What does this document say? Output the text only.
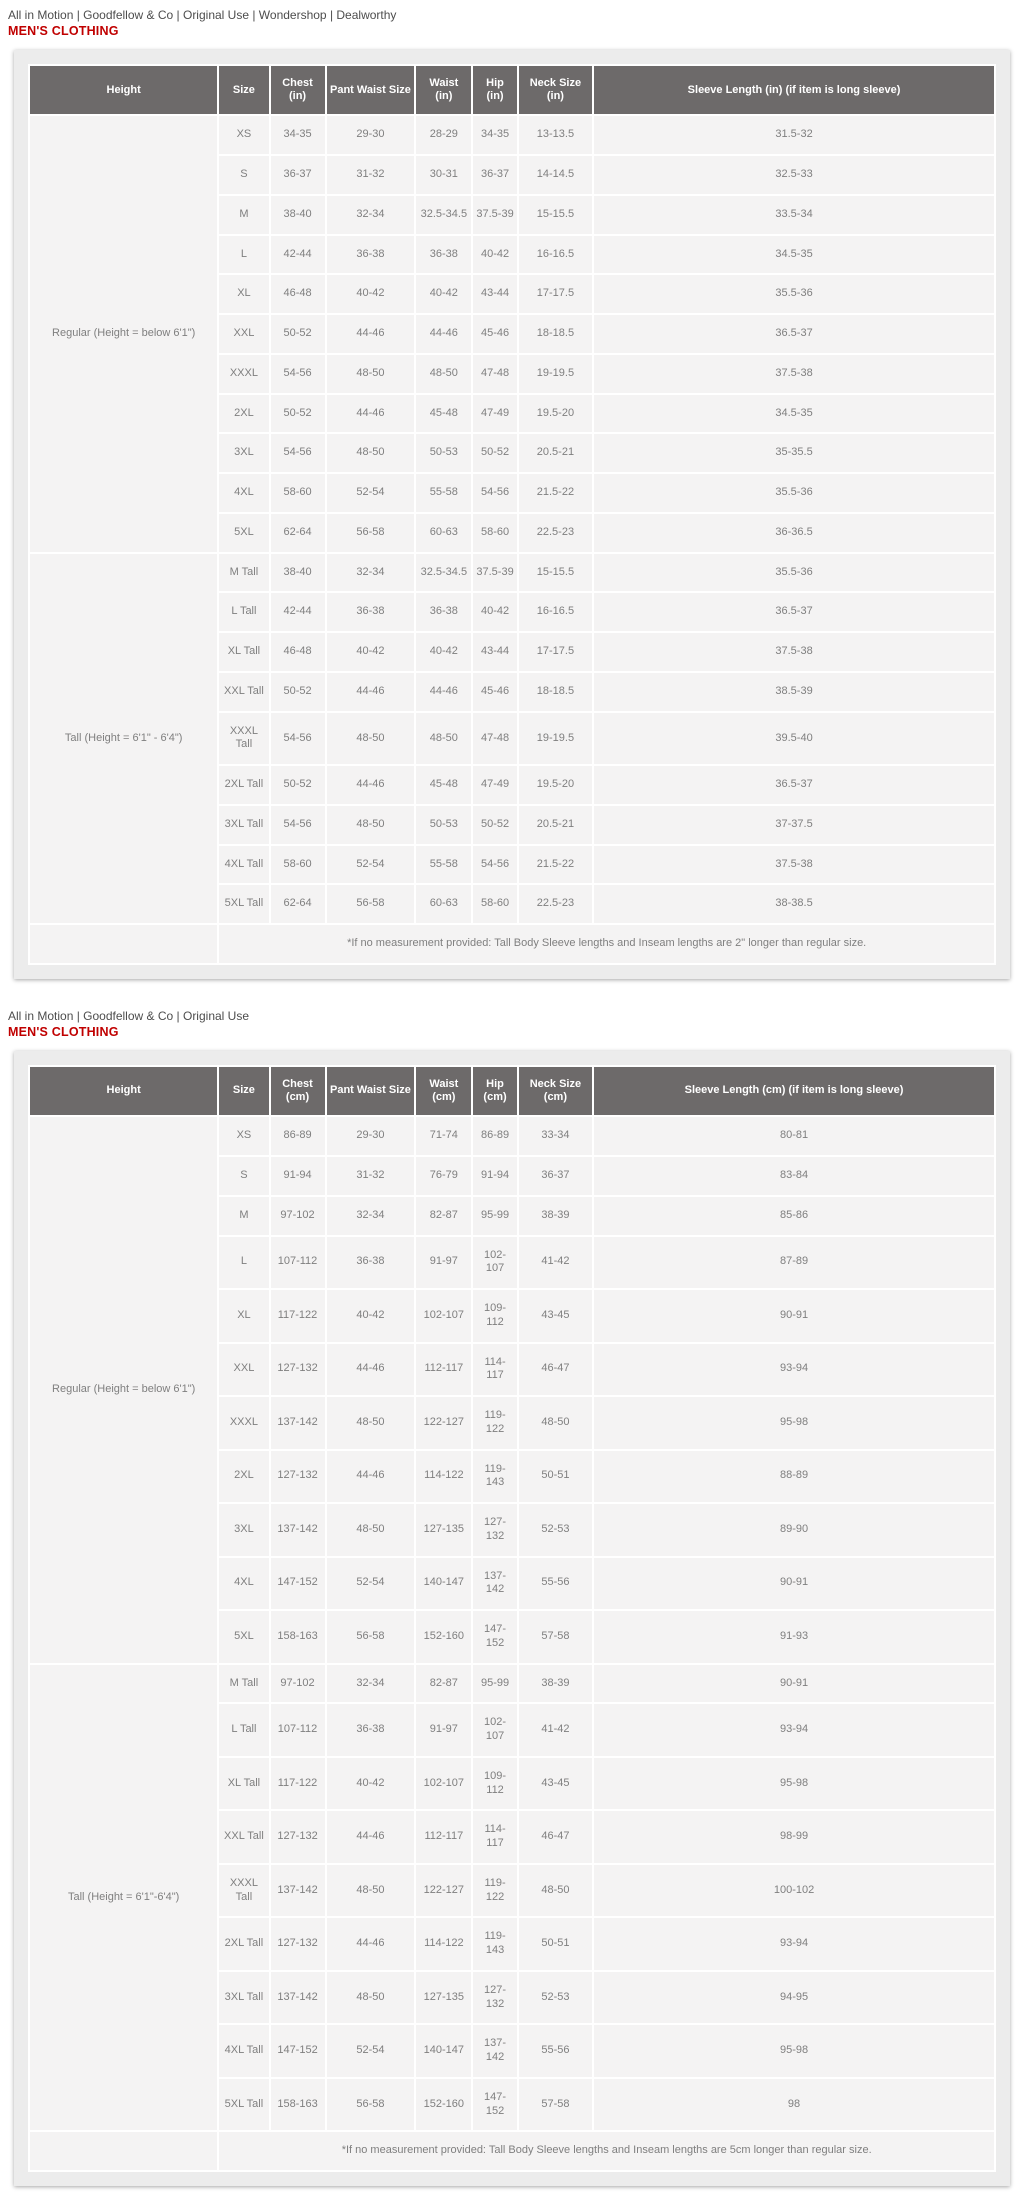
All in Motion | Goodfellow & Co | Original Use | Wondershop | Dealworthy
MEN'S CLOTHING
Height	Size	Chest (in)	Pant Waist Size	Waist (in)	Hip (in)	Neck Size (in)	Sleeve Length (in) (if item is long sleeve)
Regular (Height = below 6'1")	XS	34-35	29-30	28-29	34-35	13-13.5	31.5-32
	S	36-37	31-32	30-31	36-37	14-14.5	32.5-33
	M	38-40	32-34	32.5-34.5	37.5-39	15-15.5	33.5-34
	L	42-44	36-38	36-38	40-42	16-16.5	34.5-35
	XL	46-48	40-42	40-42	43-44	17-17.5	35.5-36
	XXL	50-52	44-46	44-46	45-46	18-18.5	36.5-37
	XXXL	54-56	48-50	48-50	47-48	19-19.5	37.5-38
	2XL	50-52	44-46	45-48	47-49	19.5-20	34.5-35
	3XL	54-56	48-50	50-53	50-52	20.5-21	35-35.5
	4XL	58-60	52-54	55-58	54-56	21.5-22	35.5-36
	5XL	62-64	56-58	60-63	58-60	22.5-23	36-36.5
Tall (Height = 6'1" - 6'4")	M Tall	38-40	32-34	32.5-34.5	37.5-39	15-15.5	35.5-36
	L Tall	42-44	36-38	36-38	40-42	16-16.5	36.5-37
	XL Tall	46-48	40-42	40-42	43-44	17-17.5	37.5-38
	XXL Tall	50-52	44-46	44-46	45-46	18-18.5	38.5-39
	XXXL Tall	54-56	48-50	48-50	47-48	19-19.5	39.5-40
	2XL Tall	50-52	44-46	45-48	47-49	19.5-20	36.5-37
	3XL Tall	54-56	48-50	50-53	50-52	20.5-21	37-37.5
	4XL Tall	58-60	52-54	55-58	54-56	21.5-22	37.5-38
	5XL Tall	62-64	56-58	60-63	58-60	22.5-23	38-38.5
	*If no measurement provided: Tall Body Sleeve lengths and Inseam lengths are 2" longer than regular size.						
All in Motion | Goodfellow & Co | Original Use
MEN'S CLOTHING
Height	Size	Chest (cm)	Pant Waist Size	Waist (cm)	Hip (cm)	Neck Size (cm)	Sleeve Length (cm) (if item is long sleeve)
Regular (Height = below 6'1")	XS	86-89	29-30	71-74	86-89	33-34	80-81
	S	91-94	31-32	76-79	91-94	36-37	83-84
	M	97-102	32-34	82-87	95-99	38-39	85-86
	L	107-112	36-38	91-97	102-107	41-42	87-89
	XL	117-122	40-42	102-107	109-112	43-45	90-91
	XXL	127-132	44-46	112-117	114-117	46-47	93-94
	XXXL	137-142	48-50	122-127	119-122	48-50	95-98
	2XL	127-132	44-46	114-122	119-143	50-51	88-89
	3XL	137-142	48-50	127-135	127-132	52-53	89-90
	4XL	147-152	52-54	140-147	137-142	55-56	90-91
	5XL	158-163	56-58	152-160	147-152	57-58	91-93
Tall (Height = 6'1"-6'4")	M Tall	97-102	32-34	82-87	95-99	38-39	90-91
	L Tall	107-112	36-38	91-97	102-107	41-42	93-94
	XL Tall	117-122	40-42	102-107	109-112	43-45	95-98
	XXL Tall	127-132	44-46	112-117	114-117	46-47	98-99
	XXXL Tall	137-142	48-50	122-127	119-122	48-50	100-102
	2XL Tall	127-132	44-46	114-122	119-143	50-51	93-94
	3XL Tall	137-142	48-50	127-135	127-132	52-53	94-95
	4XL Tall	147-152	52-54	140-147	137-142	55-56	95-98
	5XL Tall	158-163	56-58	152-160	147-152	57-58	98
	*If no measurement provided: Tall Body Sleeve lengths and Inseam lengths are 5cm longer than regular size.						
